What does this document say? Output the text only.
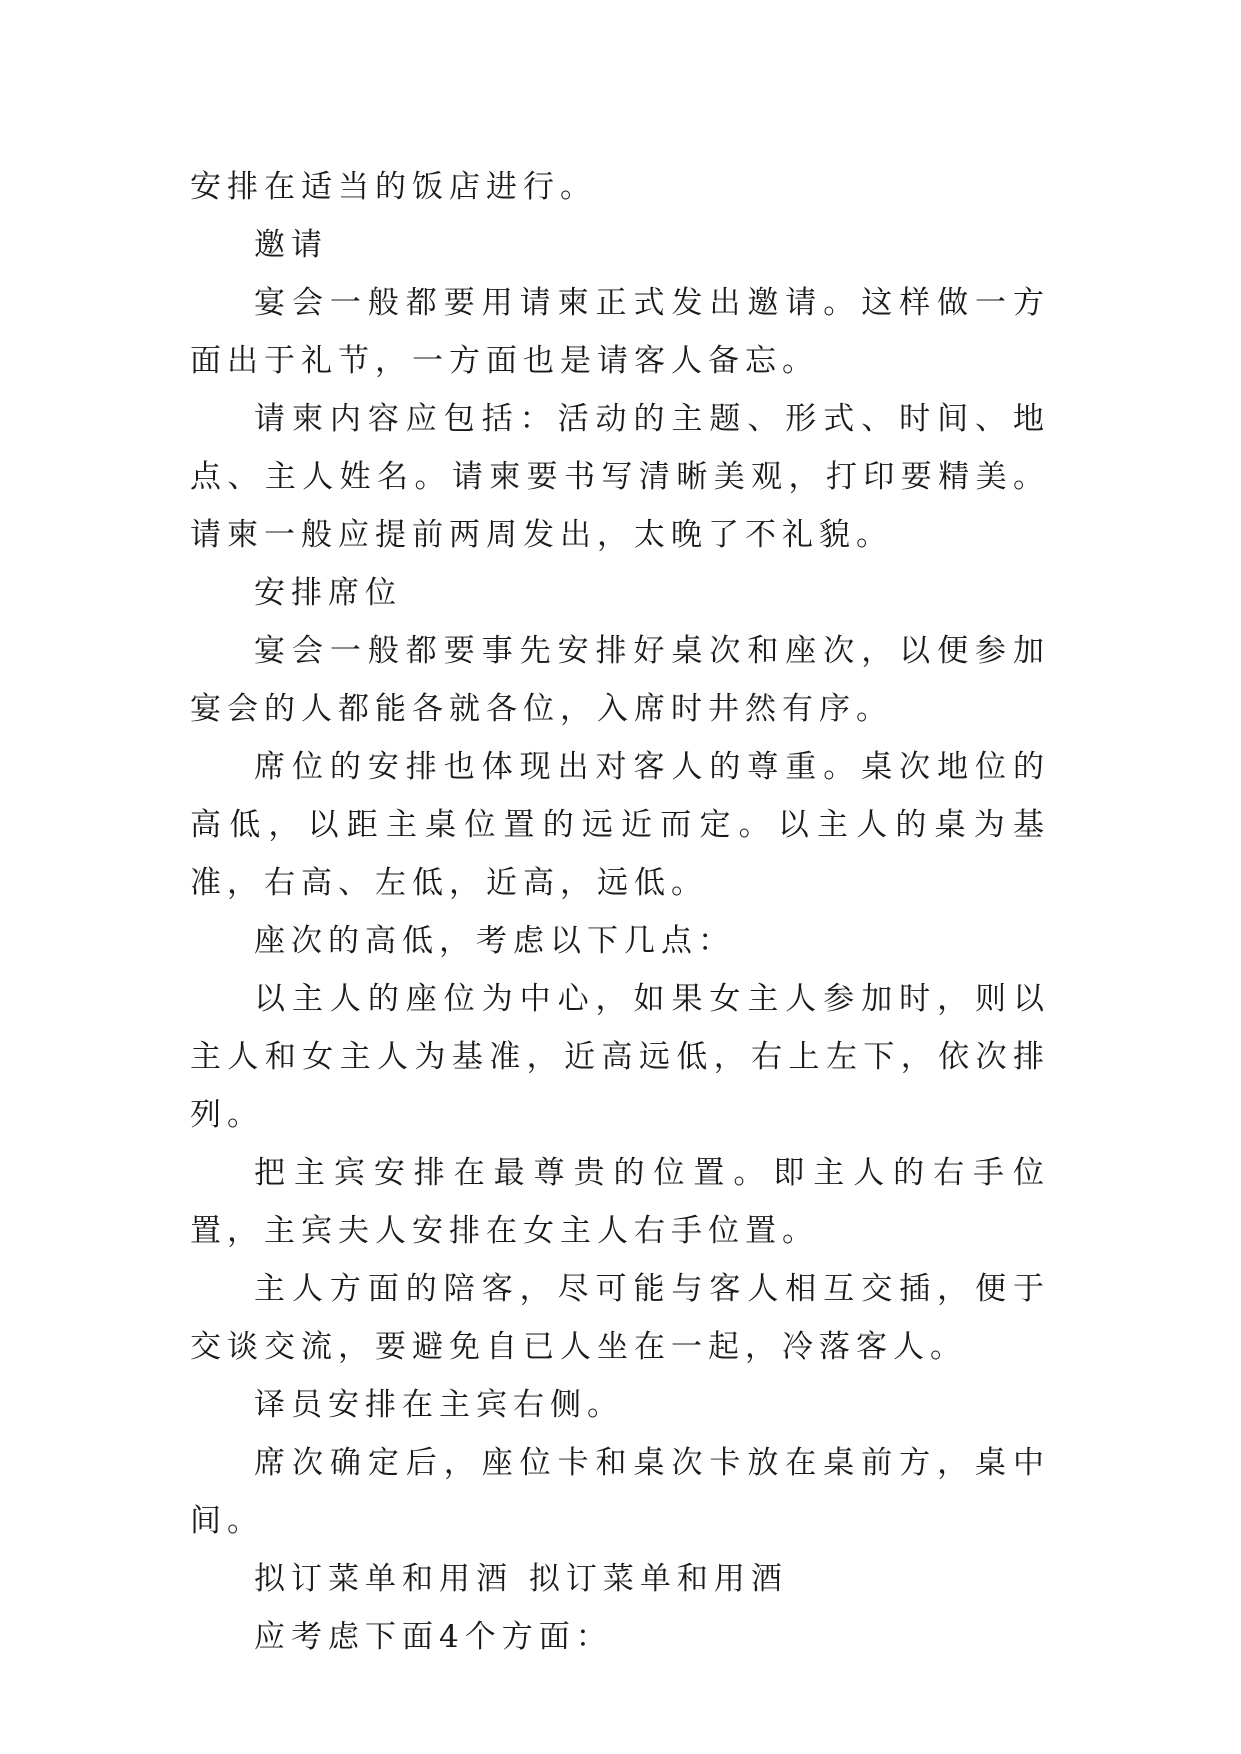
安排在适当的饭店进行。

邀请

宴会一般都要用请柬正式发出邀请。这样做一方面出于礼节，一方面也是请客人备忘。

请柬内容应包括：活动的主题、形式、时间、地点、主人姓名。请柬要书写清晰美观，打印要精美。请柬一般应提前两周发出，太晚了不礼貌。

安排席位

宴会一般都要事先安排好桌次和座次，以便参加宴会的人都能各就各位，入席时井然有序。

席位的安排也体现出对客人的尊重。桌次地位的高低，以距主桌位置的远近而定。以主人的桌为基准，右高、左低，近高，远低。

座次的高低，考虑以下几点：

以主人的座位为中心，如果女主人参加时，则以主人和女主人为基准，近高远低，右上左下，依次排列。

把主宾安排在最尊贵的位置。即主人的右手位置，主宾夫人安排在女主人右手位置。

主人方面的陪客，尽可能与客人相互交插，便于交谈交流，要避免自已人坐在一起，冷落客人。

译员安排在主宾右侧。

席次确定后，座位卡和桌次卡放在桌前方，桌中间。

拟订菜单和用酒 拟订菜单和用酒

应考虑下面4个方面：
